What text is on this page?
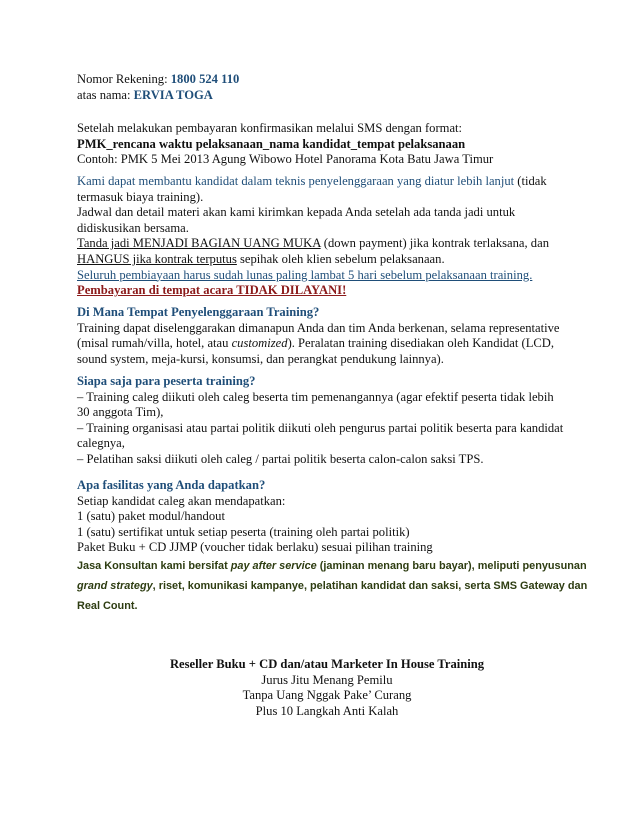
Nomor Rekening: 1800 524 110
atas nama: ERVIA TOGA
Setelah melakukan pembayaran konfirmasikan melalui SMS dengan format:
PMK_rencana waktu pelaksanaan_nama kandidat_tempat pelaksanaan
Contoh: PMK 5 Mei 2013 Agung Wibowo Hotel Panorama Kota Batu Jawa Timur
Kami dapat membantu kandidat dalam teknis penyelenggaraan yang diatur lebih lanjut (tidak
termasuk biaya training).
Jadwal dan detail materi akan kami kirimkan kepada Anda setelah ada tanda jadi untuk
didiskusikan bersama.
Tanda jadi MENJADI BAGIAN UANG MUKA (down payment) jika kontrak terlaksana, dan
HANGUS jika kontrak terputus sepihak oleh klien sebelum pelaksanaan.
Seluruh pembiayaan harus sudah lunas paling lambat 5 hari sebelum pelaksanaan training.
Pembayaran di tempat acara TIDAK DILAYANI!
Di Mana Tempat Penyelenggaraan Training?
Training dapat diselenggarakan dimanapun Anda dan tim Anda berkenan, selama representative
(misal rumah/villa, hotel, atau customized). Peralatan training disediakan oleh Kandidat (LCD,
sound system, meja-kursi, konsumsi, dan perangkat pendukung lainnya).
Siapa saja para peserta training?
– Training caleg diikuti oleh caleg beserta tim pemenangannya (agar efektif peserta tidak lebih
30 anggota Tim),
– Training organisasi atau partai politik diikuti oleh pengurus partai politik beserta para kandidat
calegnya,
– Pelatihan saksi diikuti oleh caleg / partai politik beserta calon-calon saksi TPS.
Apa fasilitas yang Anda dapatkan?
Setiap kandidat caleg akan mendapatkan:
1 (satu) paket modul/handout
1 (satu) sertifikat untuk setiap peserta (training oleh partai politik)
Paket Buku + CD JJMP (voucher tidak berlaku) sesuai pilihan training
Jasa Konsultan kami bersifat pay after service (jaminan menang baru bayar), meliputi penyusunan
grand strategy, riset, komunikasi kampanye, pelatihan kandidat dan saksi, serta SMS Gateway dan
Real Count.
Reseller Buku + CD dan/atau Marketer In House Training
Jurus Jitu Menang Pemilu
Tanpa Uang Nggak Pake’ Curang
Plus 10 Langkah Anti Kalah
